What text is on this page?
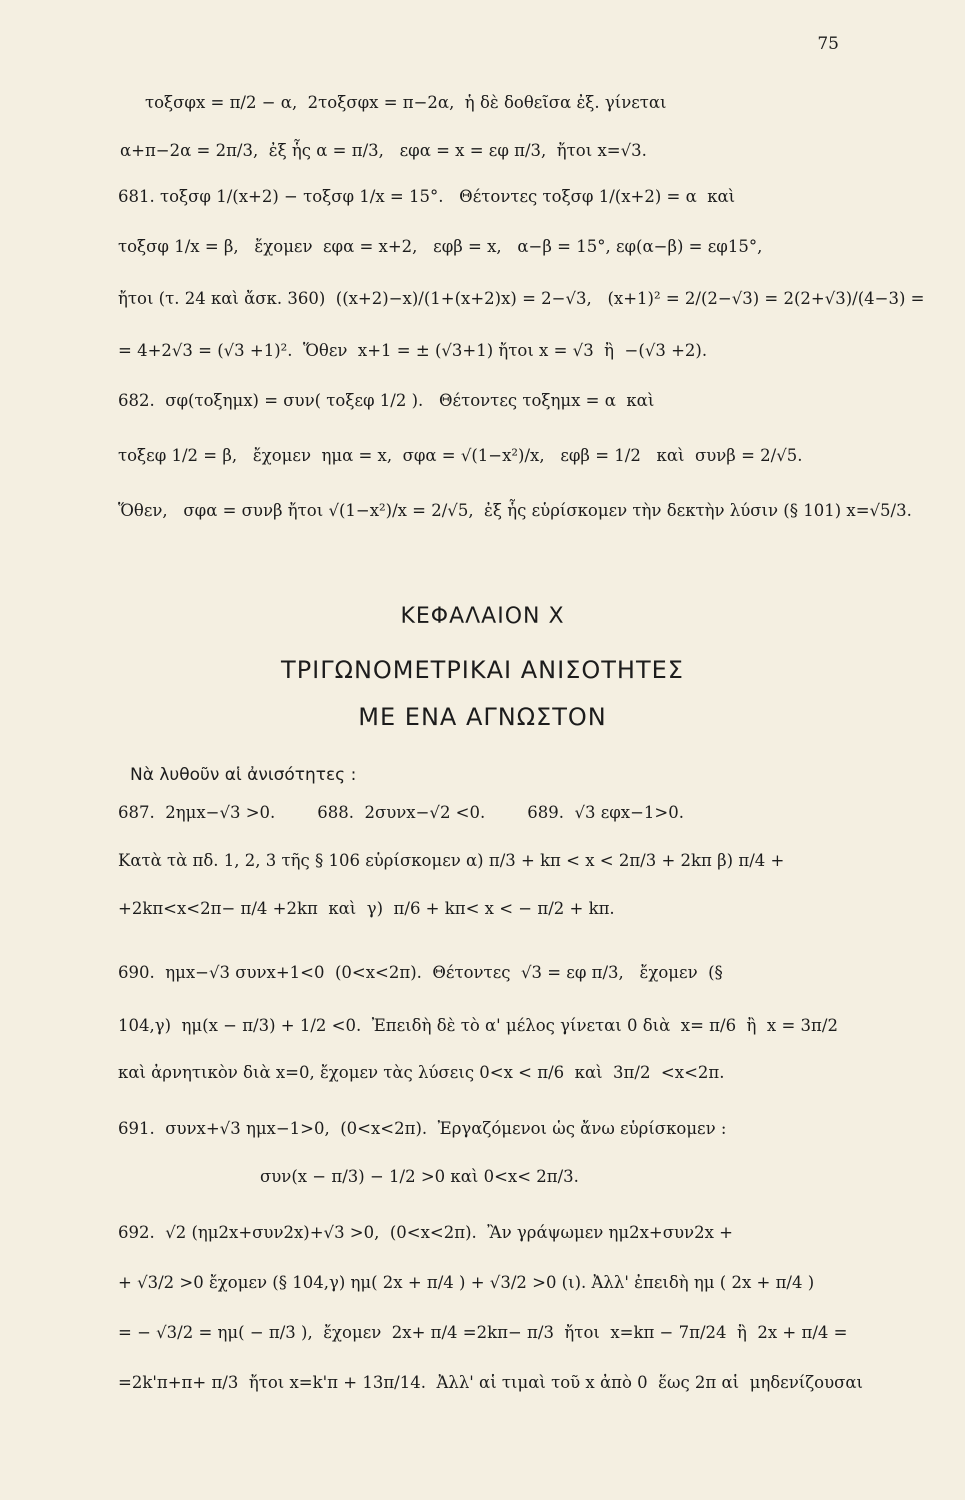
75
τοξσφx = π/2 − α,  2τοξσφx = π−2α,  ἡ δὲ δοθεῖσα ἐξ. γίνεται
α+π−2α = 2π/3,  ἐξ ἧς α = π/3,   εφα = x = εφ π/3,  ἤτοι x=√3.
681. τοξσφ 1/(x+2) − τοξσφ 1/x = 15°.   Θέτοντες τοξσφ 1/(x+2) = α  καὶ
τοξσφ 1/x = β,   ἔχομεν  εφα = x+2,   εφβ = x,   α−β = 15°, εφ(α−β) = εφ15°,
ἤτοι (τ. 24 καὶ ἄσκ. 360)  ((x+2)−x)/(1+(x+2)x) = 2−√3,   (x+1)² = 2/(2−√3) = 2(2+√3)/(4−3) =
= 4+2√3 = (√3 +1)².  Ὅθεν  x+1 = ± (√3+1) ἤτοι x = √3  ἢ  −(√3 +2).
682.  σφ(τοξημx) = συν( τοξεφ 1/2 ).   Θέτοντες τοξημx = α  καὶ
τοξεφ 1/2 = β,   ἔχομεν  ημα = x,  σφα = √(1−x²)/x,   εφβ = 1/2   καὶ  συνβ = 2/√5.
Ὅθεν,   σφα = συνβ ἤτοι √(1−x²)/x = 2/√5,  ἐξ ἧς εὑρίσκομεν τὴν δεκτὴν λύσιν (§ 101) x=√5/3.
ΚΕΦΑΛΑΙΟΝ Χ
ΤΡΙΓΩΝΟΜΕΤΡΙΚΑΙ ΑΝΙΣΟΤΗΤΕΣ
ΜΕ ΕΝΑ ΑΓΝΩΣΤΟΝ
Νὰ λυθοῦν αἱ ἀνισότητες :
687.  2ημx−√3 >0.        688.  2συνx−√2 <0.        689.  √3 εφx−1>0.
Κατὰ τὰ πδ. 1, 2, 3 τῆς § 106 εὑρίσκομεν α) π/3 + kπ < x < 2π/3 + 2kπ β) π/4 +
+2kπ<x<2π− π/4 +2kπ  καὶ  γ)  π/6 + kπ< x < − π/2 + kπ.
690.  ημx−√3 συνx+1<0  (0<x<2π).  Θέτοντες  √3 = εφ π/3,   ἔχομεν  (§
104,γ)  ημ(x − π/3) + 1/2 <0.  Ἐπειδὴ δὲ τὸ α' μέλος γίνεται 0 διὰ  x= π/6  ἢ  x = 3π/2
καὶ ἀρνητικὸν διὰ x=0, ἔχομεν τὰς λύσεις 0<x < π/6  καὶ  3π/2  <x<2π.
691.  συνx+√3 ημx−1>0,  (0<x<2π).  Ἐργαζόμενοι ὡς ἄνω εὑρίσκομεν :
συν(x − π/3) − 1/2 >0 καὶ 0<x< 2π/3.
692.  √2 (ημ2x+συν2x)+√3 >0,  (0<x<2π).  Ἂν γράψωμεν ημ2x+συν2x +
+ √3/2 >0 ἔχομεν (§ 104,γ) ημ( 2x + π/4 ) + √3/2 >0 (ι). Ἀλλ' ἐπειδὴ ημ ( 2x + π/4 )
= − √3/2 = ημ( − π/3 ),  ἔχομεν  2x+ π/4 =2kπ− π/3  ἤτοι  x=kπ − 7π/24  ἢ  2x + π/4 =
=2k'π+π+ π/3  ἤτοι x=k'π + 13π/14.  Ἀλλ' αἱ τιμαὶ τοῦ x ἀπὸ 0  ἕως 2π αἱ  μηδενίζουσαι
